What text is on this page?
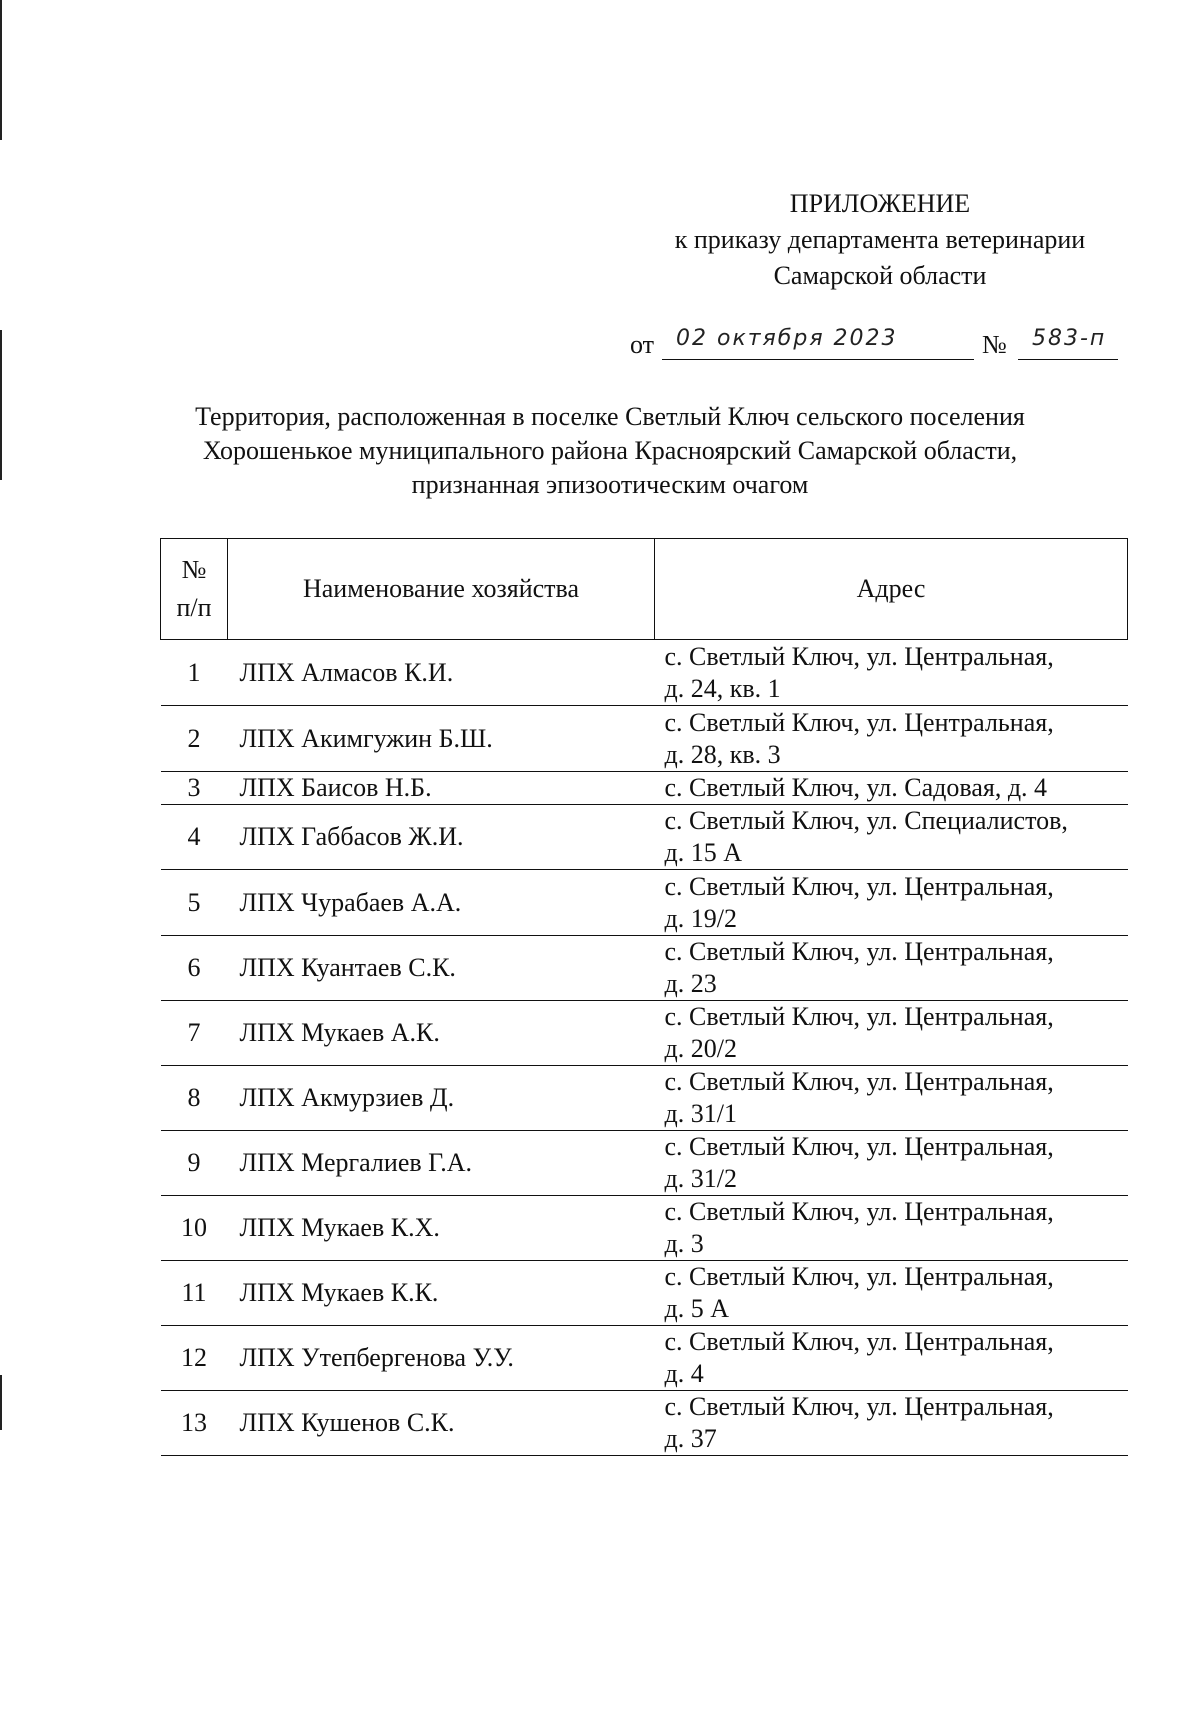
ПРИЛОЖЕНИЕ
к приказу департамента ветеринарии
Самарской области
от 02 октября 2023	№	583-п
Территория, расположенная в поселке Светлый Ключ сельского поселения
Хорошенькое муниципального района Красноярский Самарской области,
признанная эпизоотическим очагом
№
п/п	Наименование хозяйства	Адрес
1	ЛПХ Алмасов К.И.	с. Светлый Ключ, ул. Центральная,
д. 24, кв. 1

2	ЛПХ Акимгужин Б.Ш.	с. Светлый Ключ, ул. Центральная,
д. 28, кв. 3

3	ЛПХ Баисов Н.Б.	с. Светлый Ключ, ул. Садовая, д. 4

4	ЛПХ Габбасов Ж.И.	с. Светлый Ключ, ул. Специалистов,
д. 15 А

5	ЛПХ Чурабаев А.А.	с. Светлый Ключ, ул. Центральная,
д. 19/2

6	ЛПХ Куантаев С.К.	с. Светлый Ключ, ул. Центральная,
д. 23

7	ЛПХ Мукаев А.К.	с. Светлый Ключ, ул. Центральная,
д. 20/2

8	ЛПХ Акмурзиев Д.	с. Светлый Ключ, ул. Центральная,
д. 31/1

9	ЛПХ Мергалиев Г.А.	с. Светлый Ключ, ул. Центральная,
д. 31/2

10	ЛПХ Мукаев К.Х.	с. Светлый Ключ, ул. Центральная,
д. 3

11	ЛПХ Мукаев К.К.	с. Светлый Ключ, ул. Центральная,
д. 5 А

12	ЛПХ Утепбергенова У.У.	с. Светлый Ключ, ул. Центральная,
д. 4

13	ЛПХ Кушенов С.К.	с. Светлый Ключ, ул. Центральная,
д. 37
